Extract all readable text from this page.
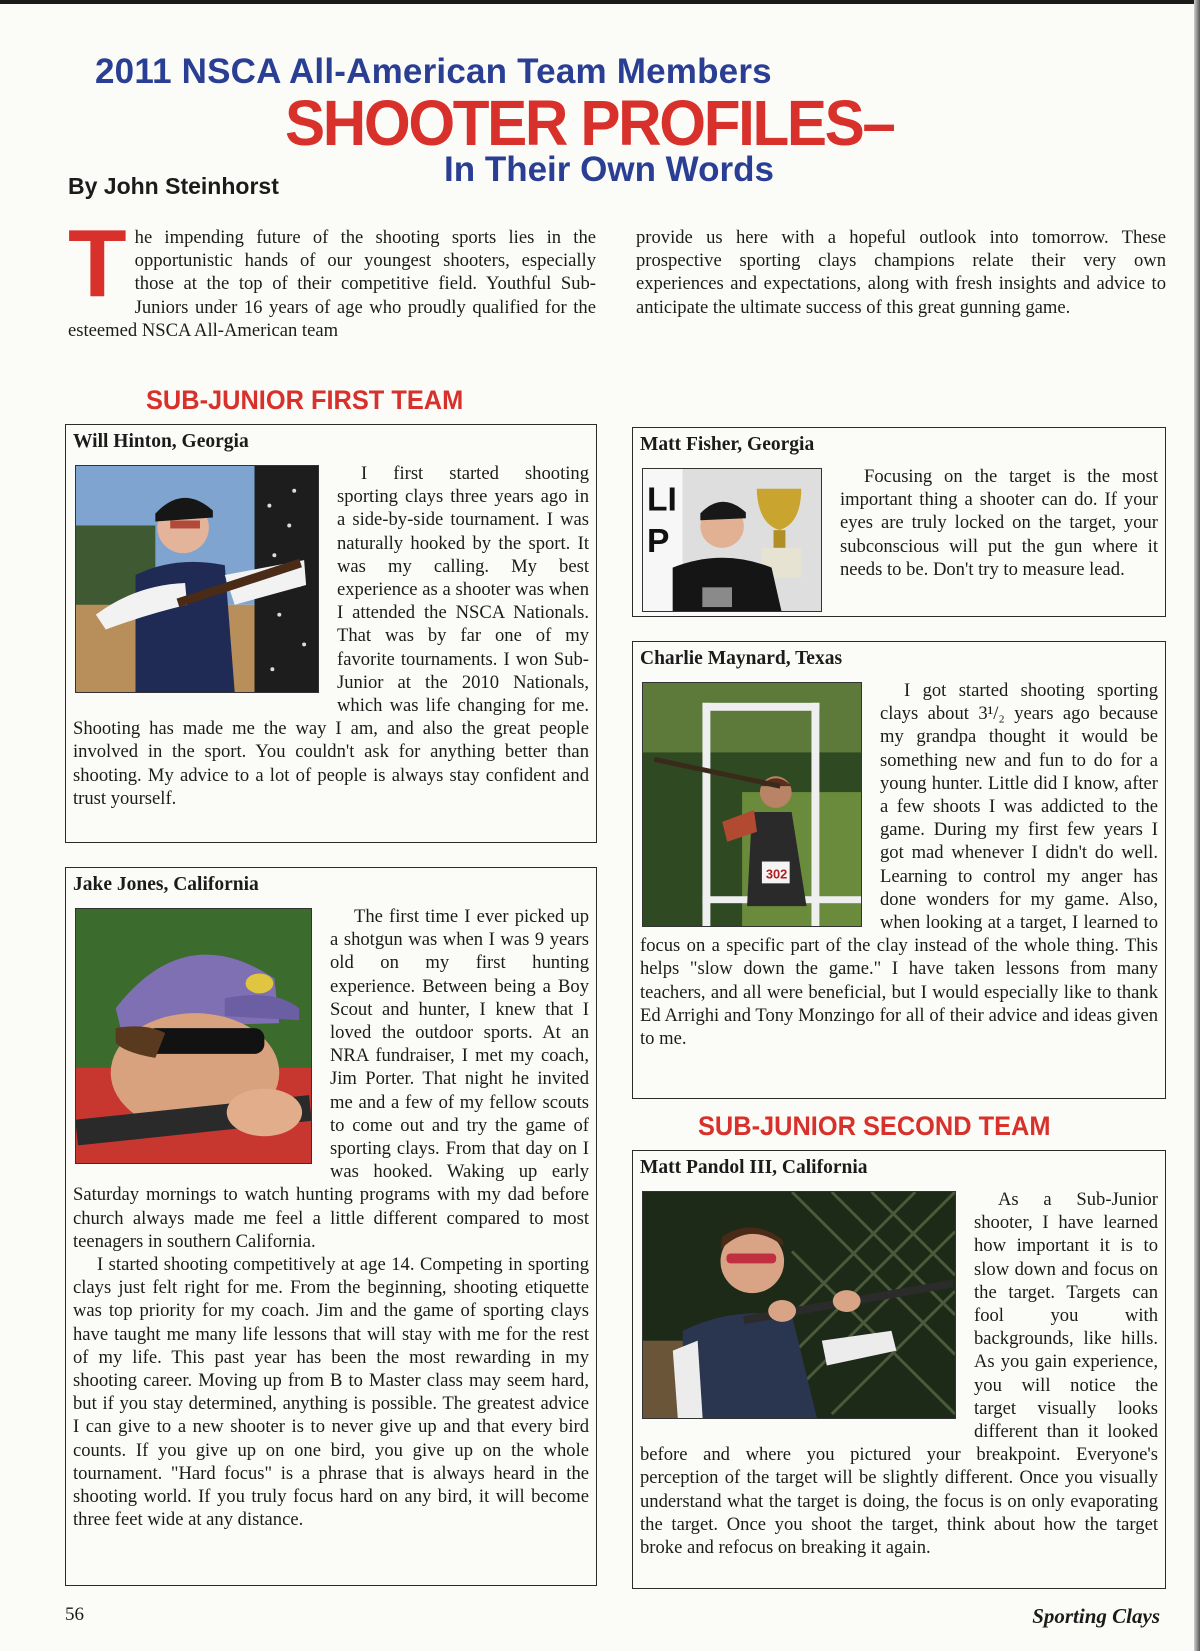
2011 NSCA All-American Team Members
SHOOTER PROFILES–
In Their Own Words
By John Steinhorst
The impending future of the shooting sports lies in the opportunistic hands of our youngest shooters, especially those at the top of their competitive field. Youthful Sub-Juniors under 16 years of age who proudly qualified for the esteemed NSCA All-American team
provide us here with a hopeful outlook into tomorrow. These prospective sporting clays champions relate their very own experiences and expectations, along with fresh insights and advice to anticipate the ultimate success of this great gunning game.
SUB-JUNIOR FIRST TEAM
Will Hinton, Georgia

I first started shooting sporting clays three years ago in a side-by-side tournament. I was naturally hooked by the sport. It was my calling. My best experience as a shooter was when I attended the NSCA Nationals. That was by far one of my favorite tournaments. I won Sub-Junior at the 2010 Nationals, which was life changing for me. Shooting has made me the way I am, and also the great people involved in the sport. You couldn't ask for anything better than shooting. My advice to a lot of people is always stay confident and trust yourself.

Jake Jones, California

The first time I ever picked up a shotgun was when I was 9 years old on my first hunting experience. Between being a Boy Scout and hunter, I knew that I loved the outdoor sports. At an NRA fundraiser, I met my coach, Jim Porter. That night he invited me and a few of my fellow scouts to come out and try the game of sporting clays. From that day on I was hooked. Waking up early Saturday mornings to watch hunting programs with my dad before church always made me feel a little different compared to most teenagers in southern California.

I started shooting competitively at age 14. Competing in sporting clays just felt right for me. From the beginning, shooting etiquette was top priority for my coach. Jim and the game of sporting clays have taught me many life lessons that will stay with me for the rest of my life. This past year has been the most rewarding in my shooting career. Moving up from B to Master class may seem hard, but if you stay determined, anything is possible. The greatest advice I can give to a new shooter is to never give up and that every bird counts. If you give up on one bird, you give up on the whole tournament. "Hard focus" is a phrase that is always heard in the shooting world. If you truly focus hard on any bird, it will become three feet wide at any distance.

Matt Fisher, Georgia
LI
P

Focusing on the target is the most important thing a shooter can do. If your eyes are truly locked on the target, your subconscious will put the gun where it needs to be. Don't try to measure lead.

Charlie Maynard, Texas
302

I got started shooting sporting clays about 3¹/₂ years ago because my grandpa thought it would be something new and fun to do for a young hunter. Little did I know, after a few shoots I was addicted to the game. During my first few years I got mad whenever I didn't do well. Learning to control my anger has done wonders for my game. Also, when looking at a target, I learned to focus on a specific part of the clay instead of the whole thing. This helps "slow down the game." I have taken lessons from many teachers, and all were beneficial, but I would especially like to thank Ed Arrighi and Tony Monzingo for all of their advice and ideas given to me.

SUB-JUNIOR SECOND TEAM
Matt Pandol III, California

As a Sub-Junior shooter, I have learned how important it is to slow down and focus on the target. Targets can fool you with backgrounds, like hills. As you gain experience, you will notice the target visually looks different than it looked before and where you pictured your breakpoint. Everyone's perception of the target will be slightly different. Once you visually understand what the target is doing, the focus is on only evaporating the target. Once you shoot the target, think about how the target broke and refocus on breaking it again.

56	Sporting Clays
